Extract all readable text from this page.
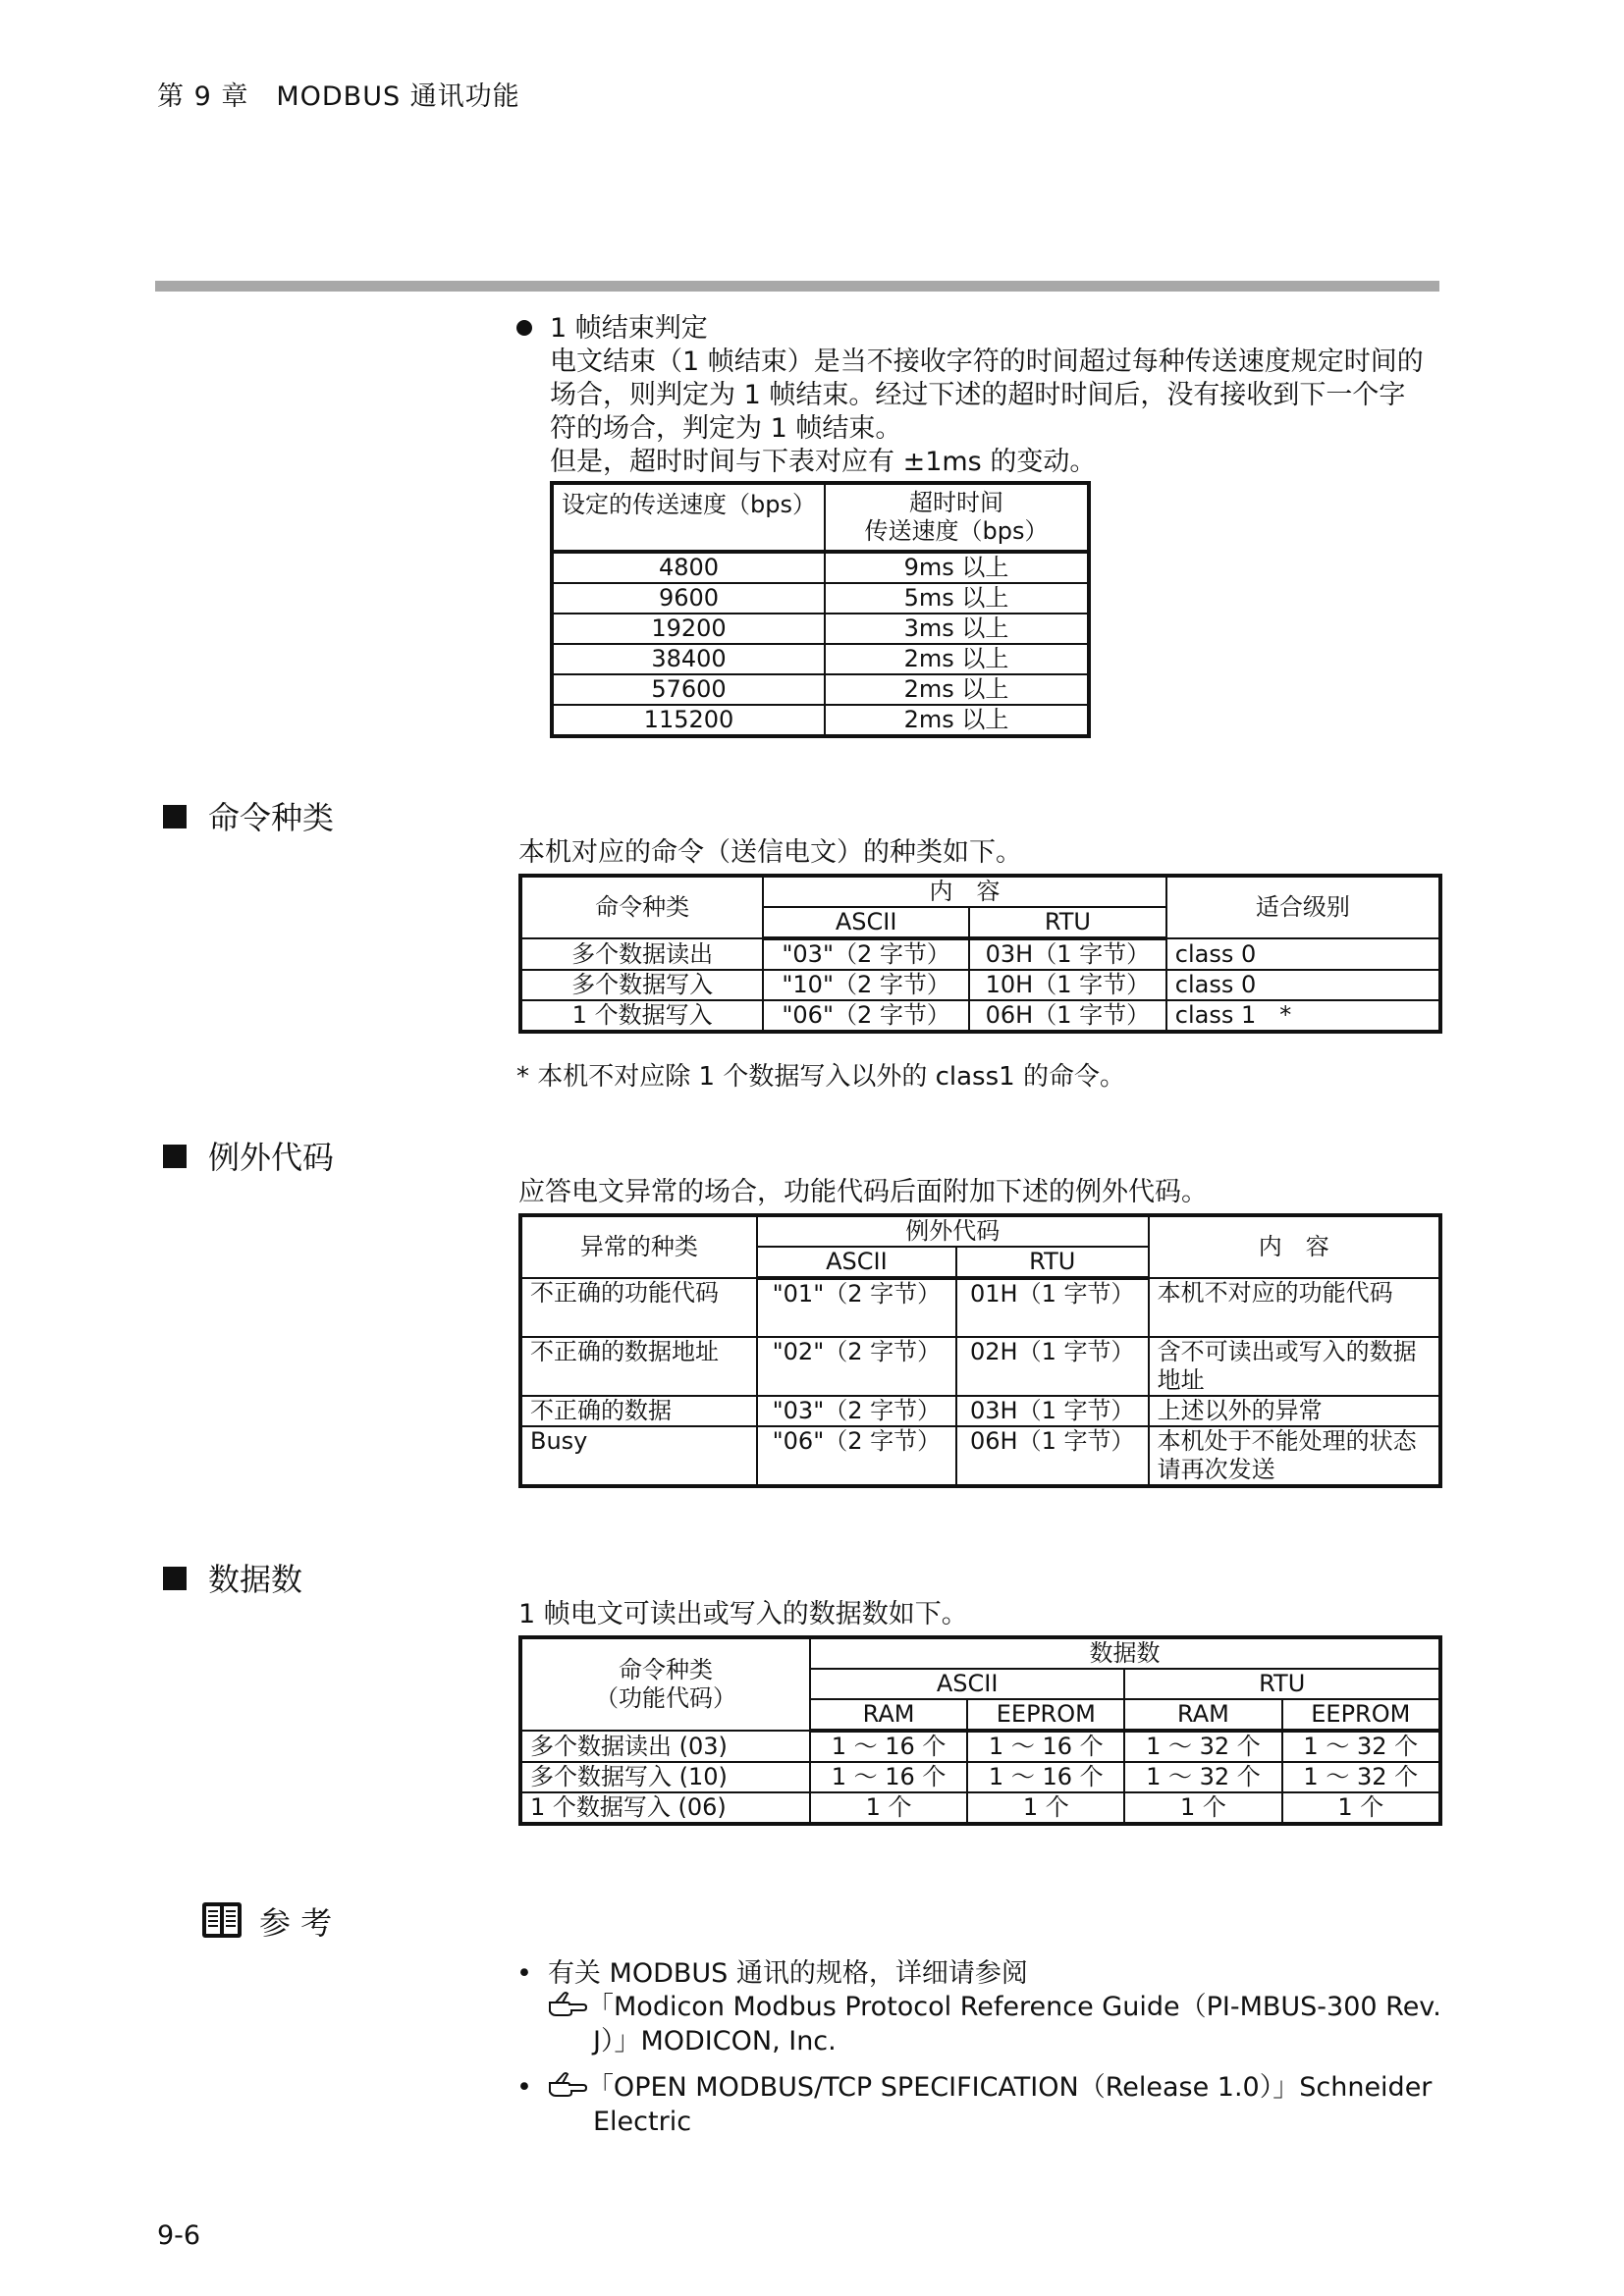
第 9 章　MODBUS 通讯功能
1 帧结束判定
电文结束（1 帧结束）是当不接收字符的时间超过每种传送速度规定时间的
场合，则判定为 1 帧结束。经过下述的超时时间后，没有接收到下一个字
符的场合，判定为 1 帧结束。
但是，超时时间与下表对应有 ±1ms 的变动。
设定的传送速度（bps）	超时时间
传送速度（bps）

4800	9ms 以上
9600	5ms 以上
19200	3ms 以上
38400	2ms 以上
57600	2ms 以上
115200	2ms 以上
命令种类
本机对应的命令（送信电文）的种类如下。
命令种类	内　容		适合级别
	ASCII	RTU	
多个数据读出	"03"（2 字节）	03H（1 字节）	class 0
多个数据写入	"10"（2 字节）	10H（1 字节）	class 0
1 个数据写入	"06"（2 字节）	06H（1 字节）	class 1　*
* 本机不对应除 1 个数据写入以外的 class1 的命令。
例外代码
应答电文异常的场合，功能代码后面附加下述的例外代码。
异常的种类	例外代码		内　容
	ASCII	RTU	
不正确的功能代码	"01"（2 字节）	01H（1 字节）	本机不对应的功能代码

不正确的数据地址	"02"（2 字节）	02H（1 字节）	含不可读出或写入的数据
地址

不正确的数据	"03"（2 字节）	03H（1 字节）	上述以外的异常

Busy	"06"（2 字节）	06H（1 字节）	本机处于不能处理的状态
请再次发送
数据数
1 帧电文可读出或写入的数据数如下。
命令种类
（功能代码）	数据数			
	ASCII		RTU	
	RAM	EEPROM	RAM	EEPROM
多个数据读出 (03)	1 ～ 16 个	1 ～ 16 个	1 ～ 32 个	1 ～ 32 个
多个数据写入 (10)	1 ～ 16 个	1 ～ 16 个	1 ～ 32 个	1 ～ 32 个
1 个数据写入 (06)	1 个	1 个	1 个	1 个
参 考
• 有关 MODBUS 通讯的规格，详细请参阅
「Modicon Modbus Protocol Reference Guide（PI-MBUS-300 Rev.
J）」MODICON, Inc.
• 「OPEN MODBUS/TCP SPECIFICATION（Release 1.0）」Schneider
Electric
9-6
